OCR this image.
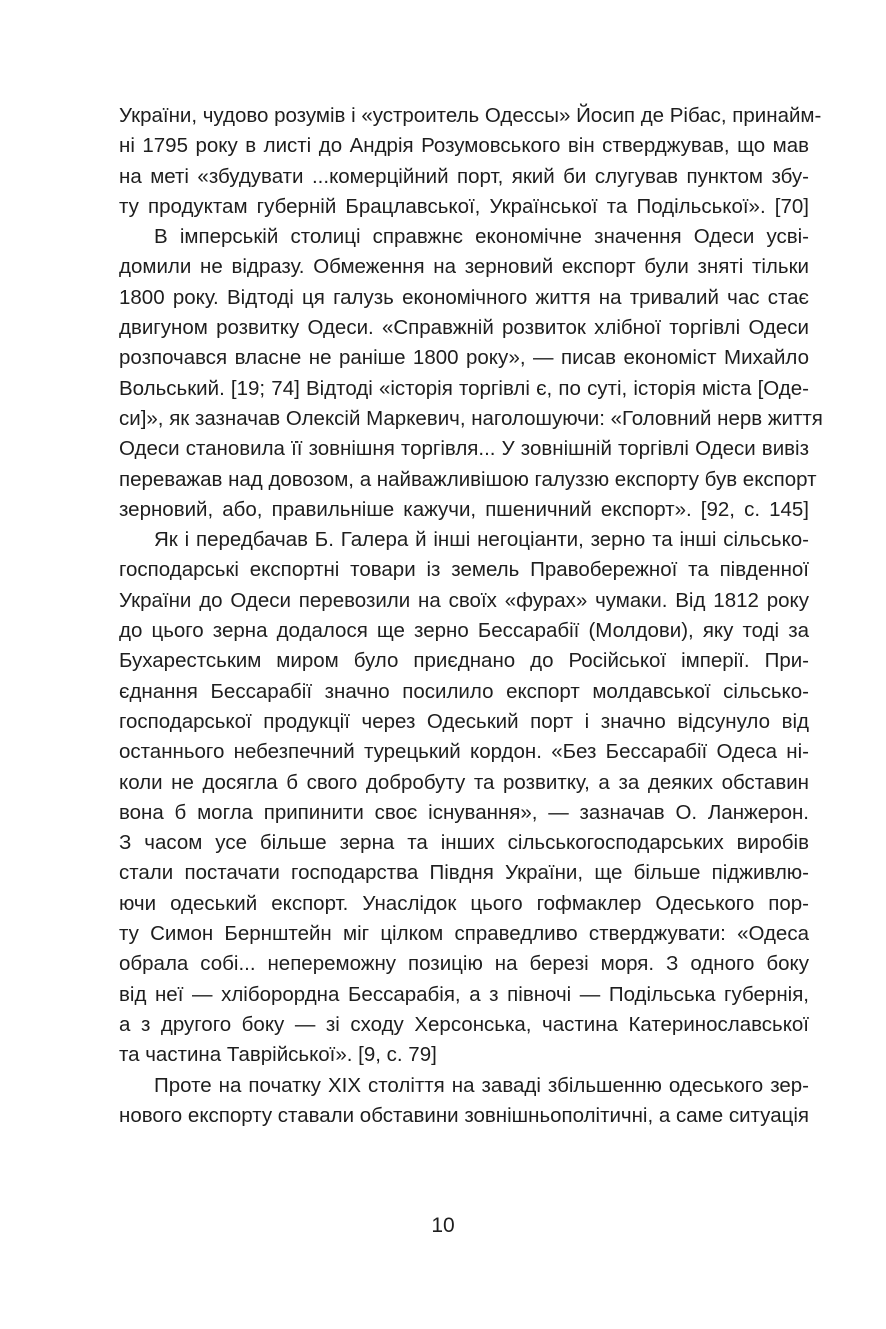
України, чудово розумів і «устроитель Одессы» Йосип де Рібас, принайм-
ні 1795 року в листі до Андрія Розумовського він стверджував, що мав
на меті «збудувати ...комерційний порт, який би слугував пунктом збу-
ту продуктам губерній Брацлавської, Української та Подільської». [70]
В імперській столиці справжнє економічне значення Одеси усві-
домили не відразу. Обмеження на зерновий експорт були зняті тільки
1800 року. Відтоді ця галузь економічного життя на тривалий час стає
двигуном розвитку Одеси. «Справжній розвиток хлібної торгівлі Одеси
розпочався власне не раніше 1800 року», — писав економіст Михайло
Вольський. [19; 74] Відтоді «історія торгівлі є, по суті, історія міста [Оде-
си]», як зазначав Олексій Маркевич, наголошуючи: «Головний нерв життя
Одеси становила її зовнішня торгівля... У зовнішній торгівлі Одеси вивіз
переважав над довозом, а найважливішою галуззю експорту був експорт
зерновий, або, правильніше кажучи, пшеничний експорт». [92, с. 145]
Як і передбачав Б. Галера й інші негоціанти, зерно та інші сільсько-
господарські експортні товари із земель Правобережної та південної
України до Одеси перевозили на своїх «фурах» чумаки. Від 1812 року
до цього зерна додалося ще зерно Бессарабії (Молдови), яку тоді за
Бухарестським миром було приєднано до Російської імперії. При-
єднання Бессарабії значно посилило експорт молдавської сільсько-
господарської продукції через Одеський порт і значно відсунуло від
останнього небезпечний турецький кордон. «Без Бессарабії Одеса ні-
коли не досягла б свого добробуту та розвитку, а за деяких обставин
вона б могла припинити своє існування», — зазначав О. Ланжерон.
З часом усе більше зерна та інших сільськогосподарських виробів
стали постачати господарства Півдня України, ще більше підживлю-
ючи одеський експорт. Унаслідок цього гофмаклер Одеського пор-
ту Симон Бернштейн міг цілком справедливо стверджувати: «Одеса
обрала собі... непереможну позицію на березі моря. З одного боку
від неї — хліборордна Бессарабія, а з півночі — Подільська губернія,
а з другого боку — зі сходу Херсонська, частина Катеринославської
та частина Таврійської». [9, с. 79]
Проте на початку XIX століття на заваді збільшенню одеського зер-
нового експорту ставали обставини зовнішньополітичні, а саме ситуація
10
